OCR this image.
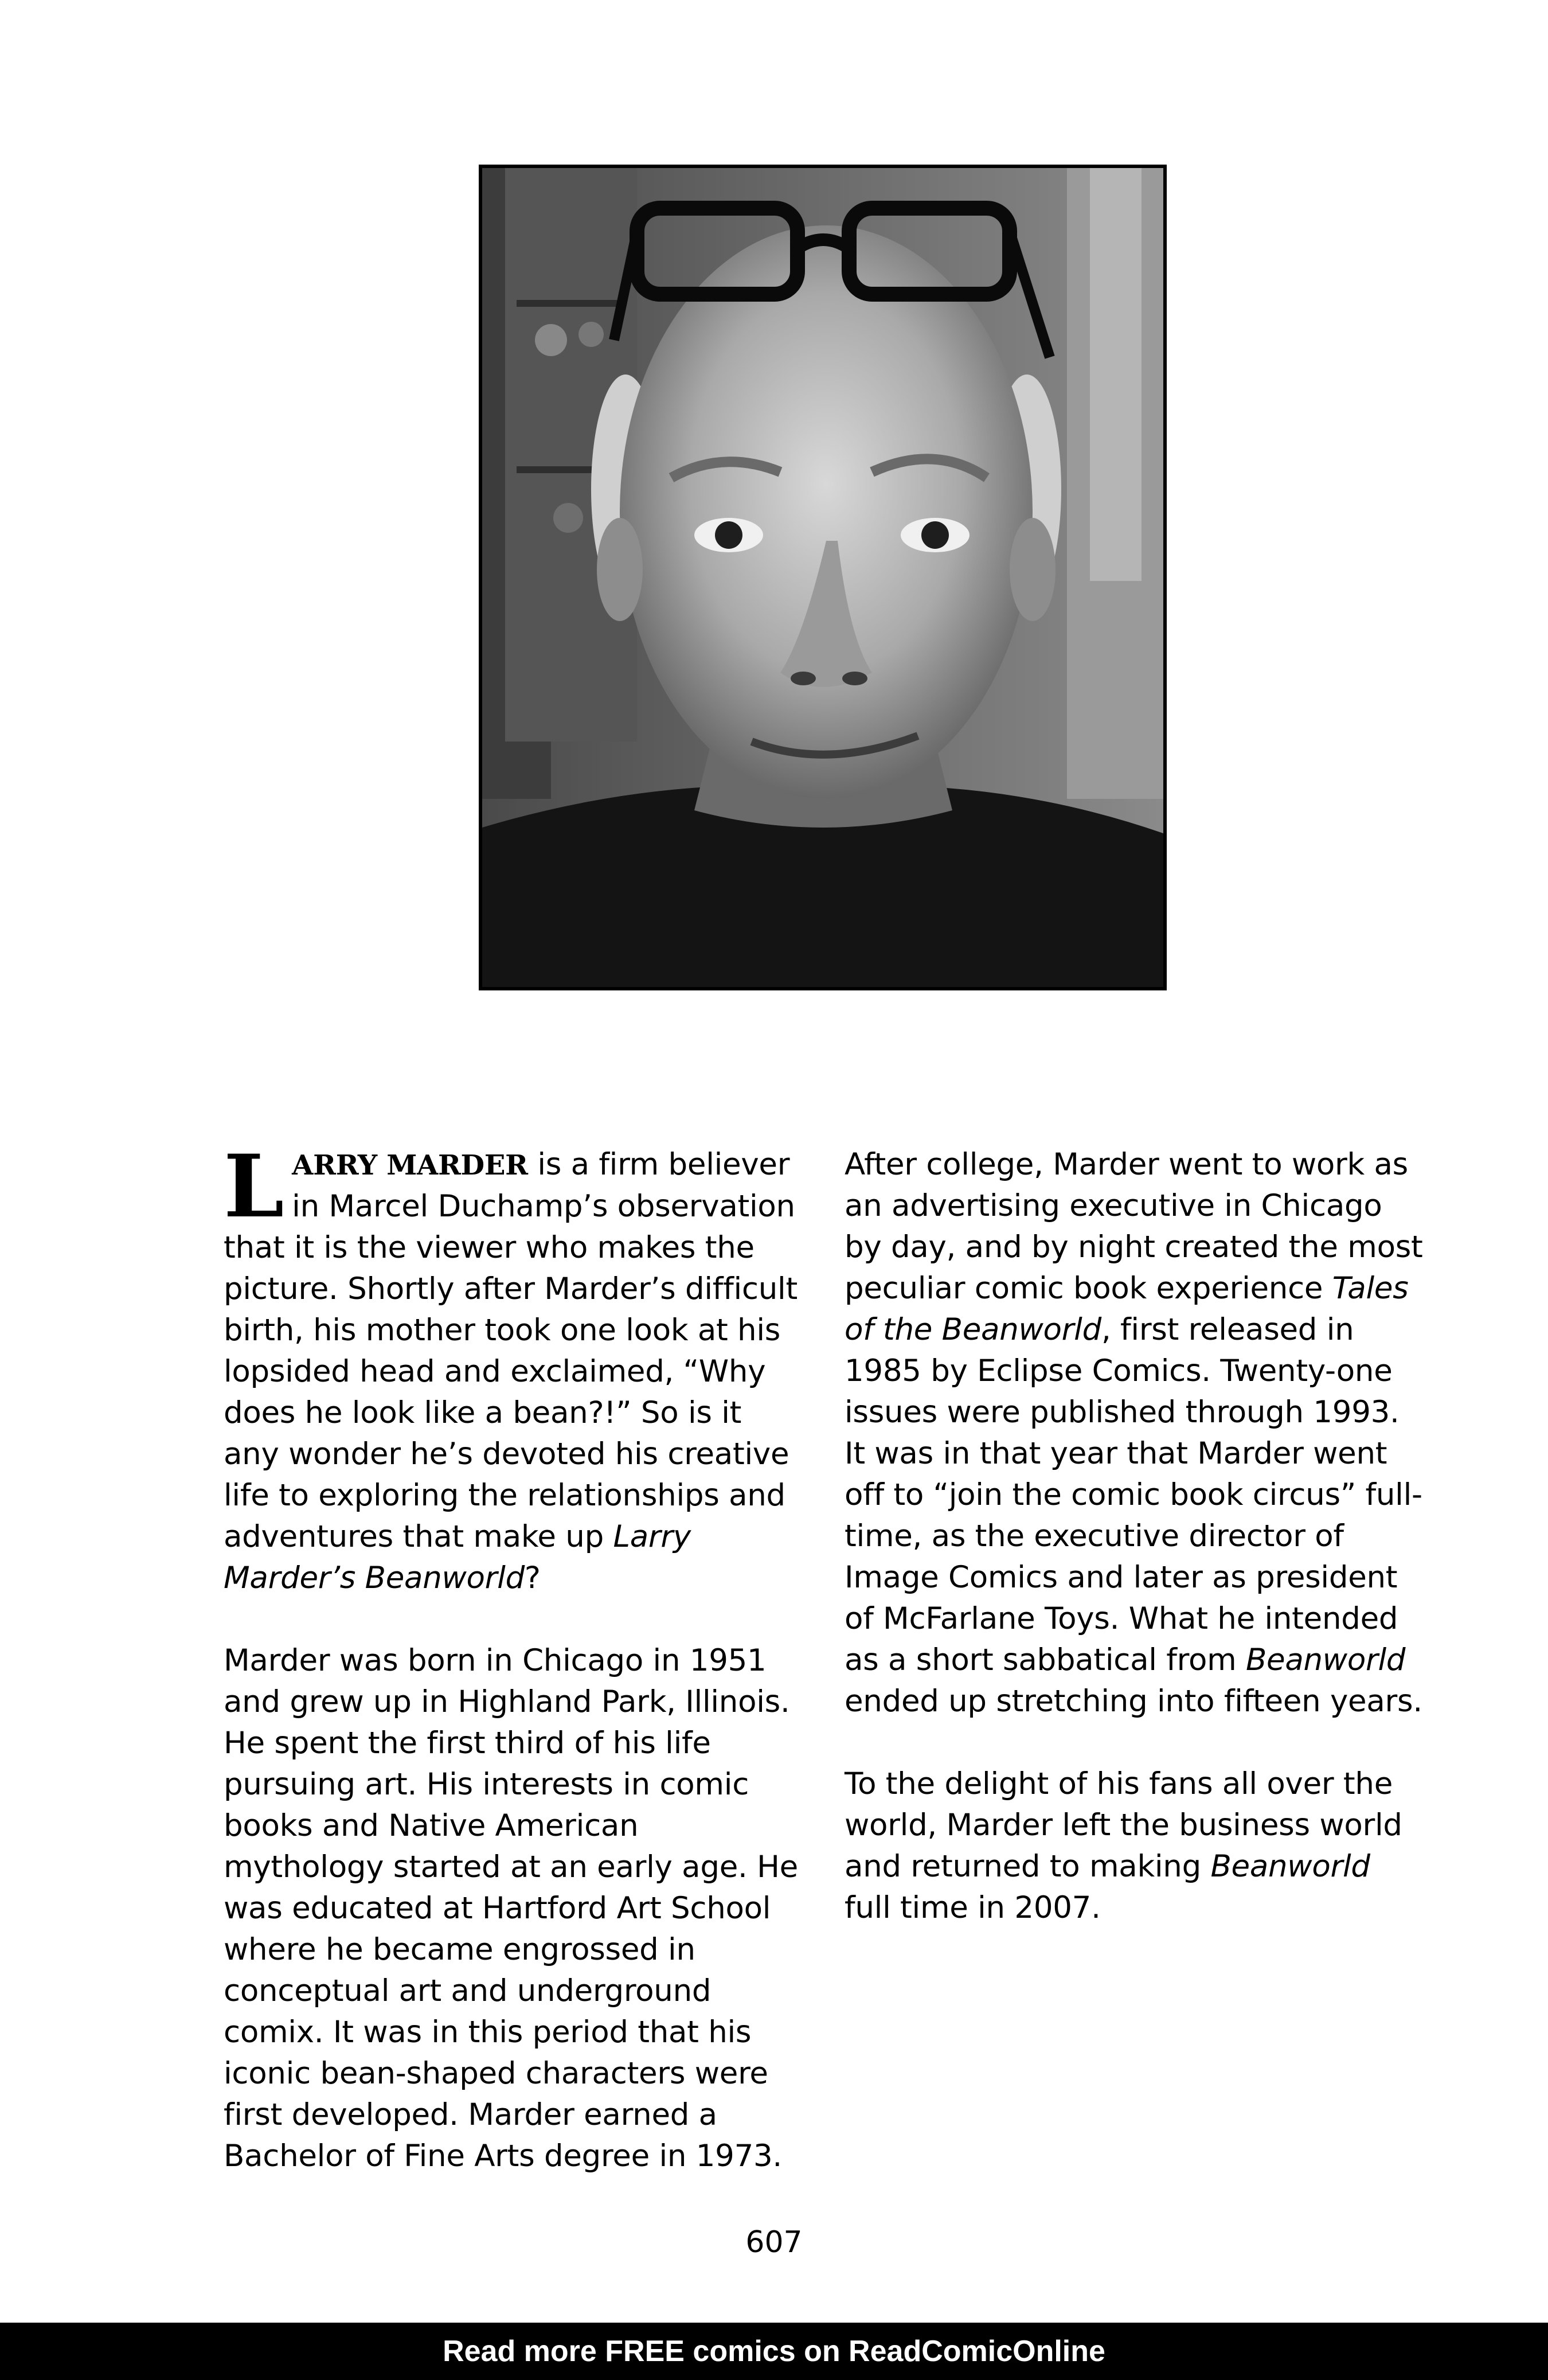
LARRY MARDER is a firm believer in Marcel Duchamp’s observation that it is the viewer who makes the picture. Shortly after Marder’s difficult birth, his mother took one look at his lopsided head and exclaimed, “Why does he look like a bean?!” So is it any wonder he’s devoted his creative life to exploring the relationships and adventures that make up Larry Marder’s Beanworld?

Marder was born in Chicago in 1951 and grew up in Highland Park, Illinois. He spent the first third of his life pursuing art. His interests in comic books and Native American mythology started at an early age. He was educated at Hartford Art School where he became engrossed in conceptual art and underground comix. It was in this period that his iconic bean-shaped characters were first developed. Marder earned a Bachelor of Fine Arts degree in 1973.

After college, Marder went to work as an advertising executive in Chicago by day, and by night created the most peculiar comic book experience Tales of the Beanworld, first released in 1985 by Eclipse Comics. Twenty-one issues were published through 1993. It was in that year that Marder went off to “join the comic book circus” full-time, as the executive director of Image Comics and later as president of McFarlane Toys. What he intended as a short sabbatical from Beanworld ended up stretching into fifteen years.

To the delight of his fans all over the world, Marder left the business world and returned to making Beanworld full time in 2007.

607
Read more FREE comics on ReadComicOnline
